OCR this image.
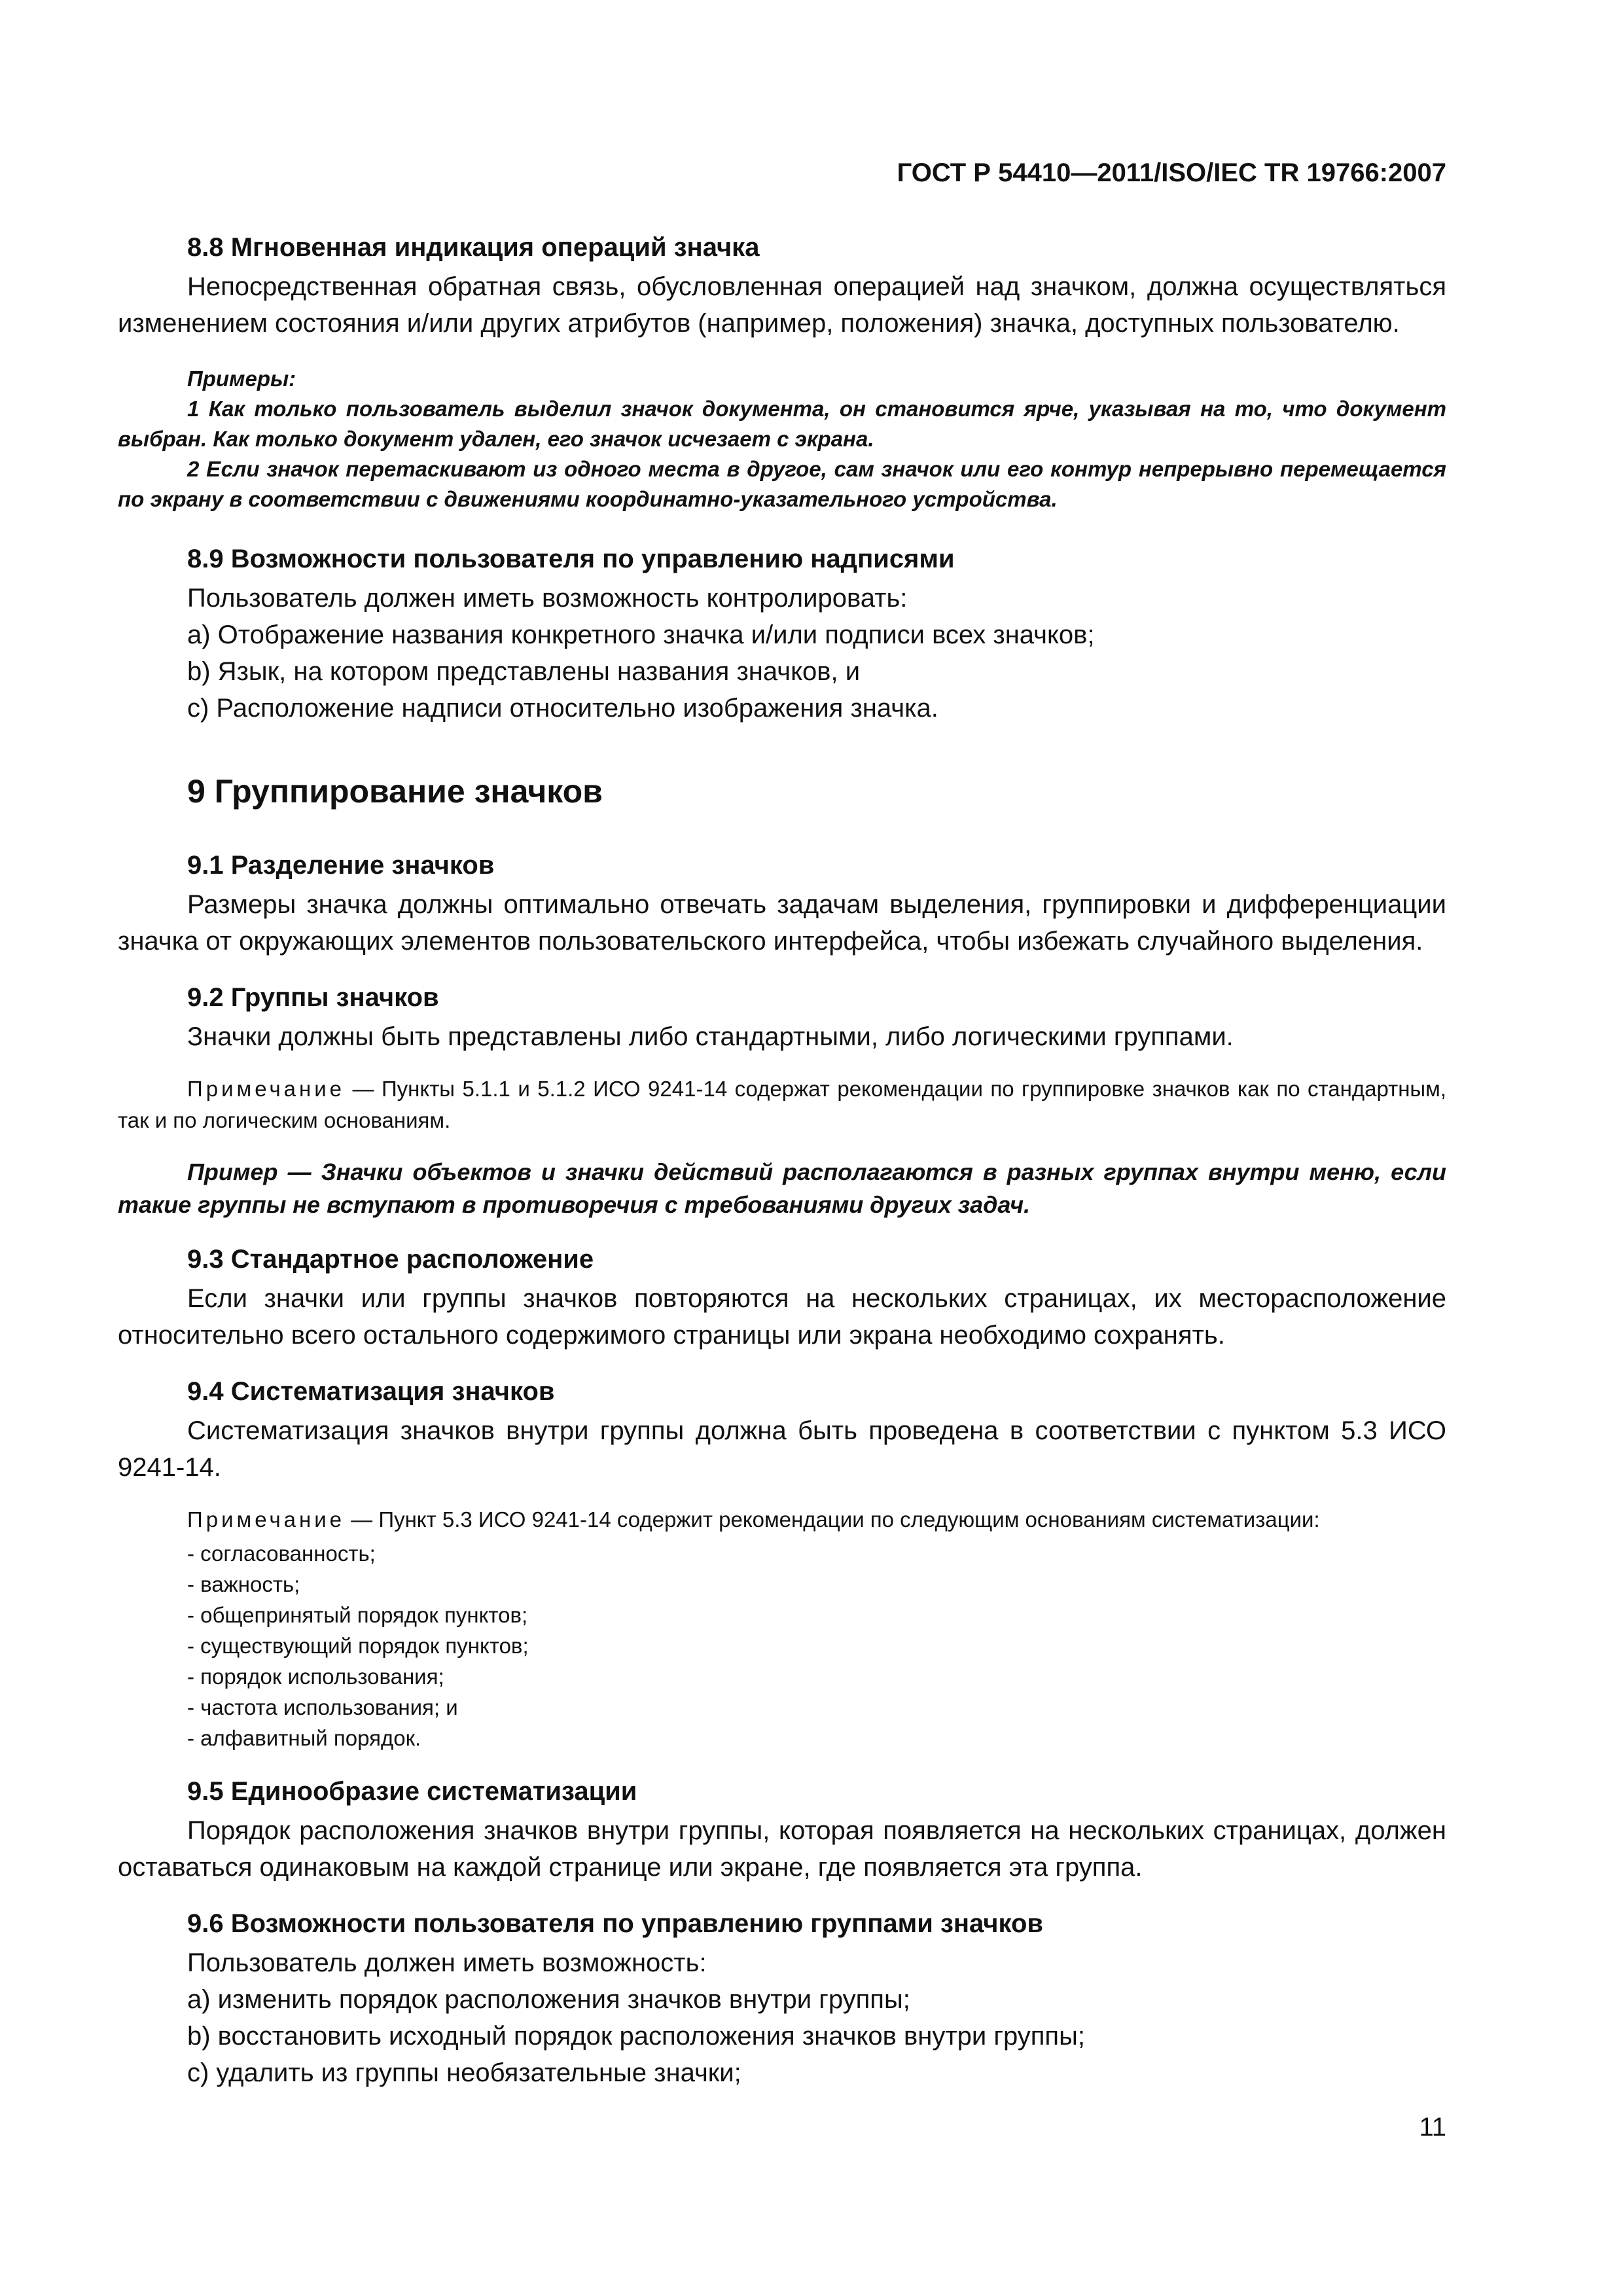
ГОСТ Р 54410—2011/ISO/IEC TR 19766:2007
8.8 Мгновенная индикация операций значка

Непосредственная обратная связь, обусловленная операцией над значком, должна осуществляться изменением состояния и/или других атрибутов (например, положения) значка, доступных пользователю.

Примеры:

1 Как только пользователь выделил значок документа, он становится ярче, указывая на то, что документ выбран. Как только документ удален, его значок исчезает с экрана.

2 Если значок перетаскивают из одного места в другое, сам значок или его контур непрерывно перемещается по экрану в соответствии с движениями координатно-указательного устройства.

8.9 Возможности пользователя по управлению надписями

Пользователь должен иметь возможность контролировать:

a) Отображение названия конкретного значка и/или подписи всех значков;

b) Язык, на котором представлены названия значков, и

c) Расположение надписи относительно изображения значка.

9 Группирование значков
9.1 Разделение значков

Размеры значка должны оптимально отвечать задачам выделения, группировки и дифференциации значка от окружающих элементов пользовательского интерфейса, чтобы избежать случайного выделения.

9.2 Группы значков

Значки должны быть представлены либо стандартными, либо логическими группами.

Примечание — Пункты 5.1.1 и 5.1.2 ИСО 9241-14 содержат рекомендации по группировке значков как по стандартным, так и по логическим основаниям.

Пример — Значки объектов и значки действий располагаются в разных группах внутри меню, если такие группы не вступают в противоречия с требованиями других задач.

9.3 Стандартное расположение

Если значки или группы значков повторяются на нескольких страницах, их месторасположение относительно всего остального содержимого страницы или экрана необходимо сохранять.

9.4 Систематизация значков

Систематизация значков внутри группы должна быть проведена в соответствии с пунктом 5.3 ИСО 9241-14.

Примечание — Пункт 5.3 ИСО 9241-14 содержит рекомендации по следующим основаниям систематизации:

- согласованность;
- важность;
- общепринятый порядок пунктов;
- существующий порядок пунктов;
- порядок использования;
- частота использования; и
- алфавитный порядок.
9.5 Единообразие систематизации

Порядок расположения значков внутри группы, которая появляется на нескольких страницах, должен оставаться одинаковым на каждой странице или экране, где появляется эта группа.

9.6 Возможности пользователя по управлению группами значков

Пользователь должен иметь возможность:

a) изменить порядок расположения значков внутри группы;

b) восстановить исходный порядок расположения значков внутри группы;

c) удалить из группы необязательные значки;

11
